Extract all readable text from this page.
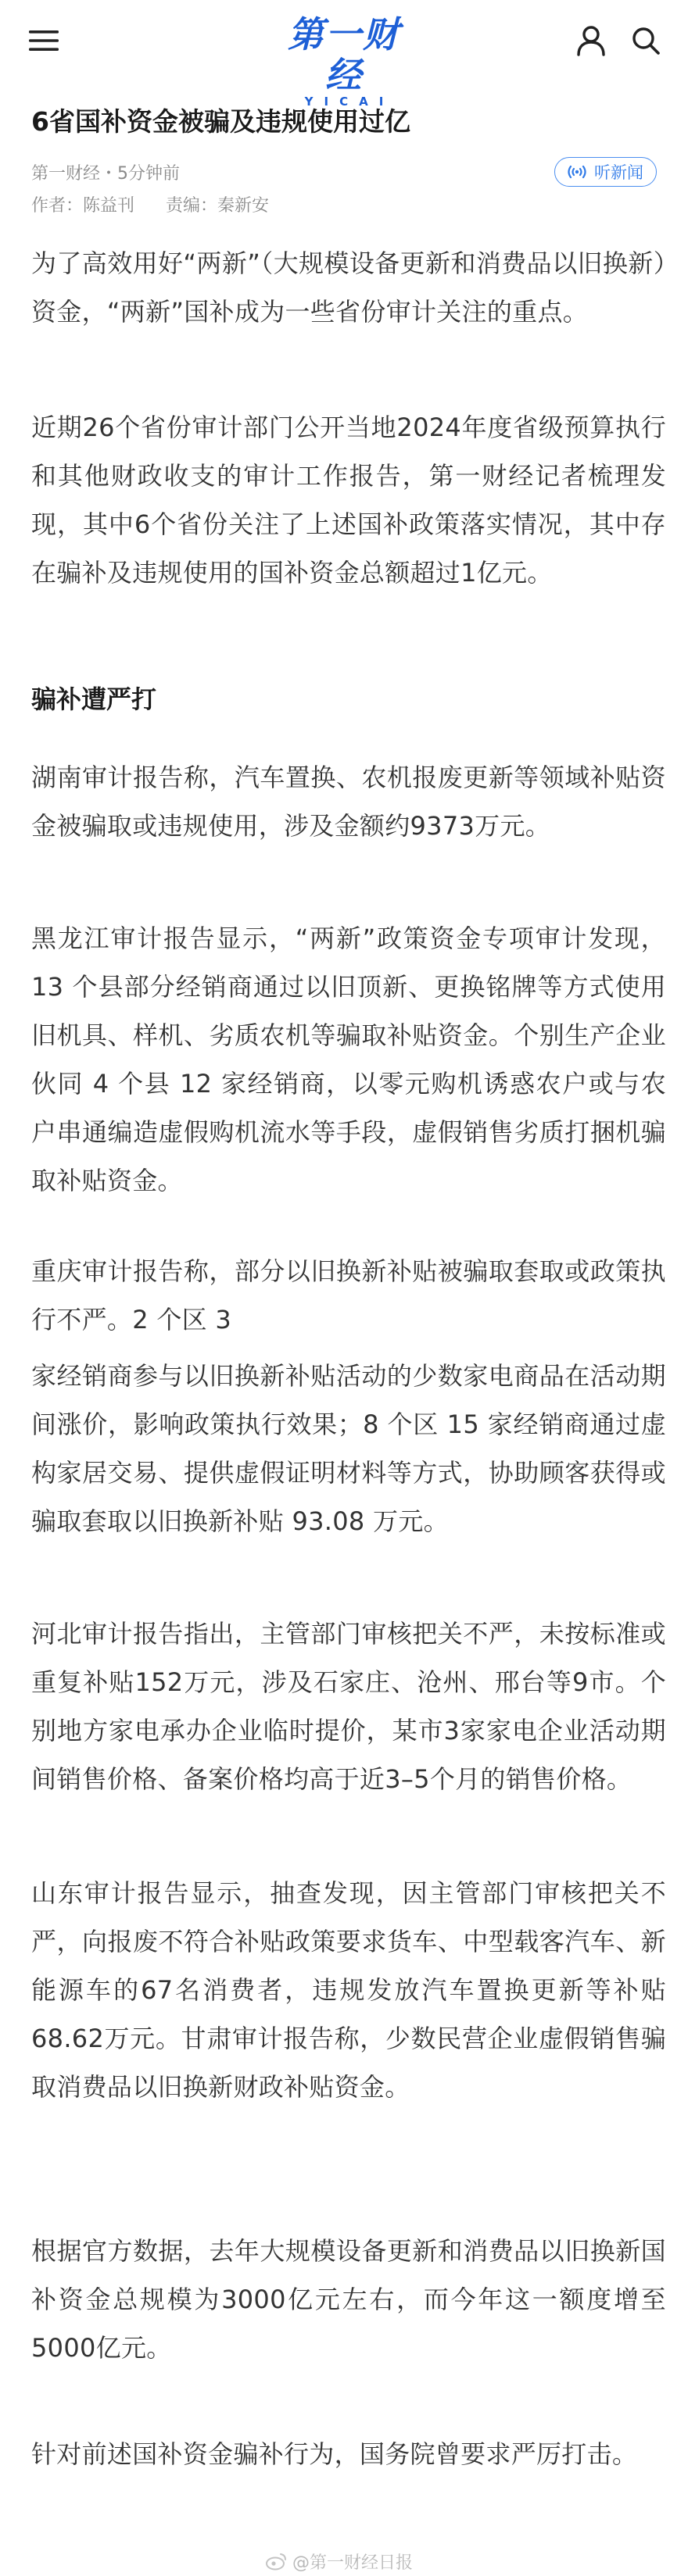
第一财经
YICAI
6省国补资金被骗及违规使用过亿
第一财经・5分钟前	听新闻
作者：陈益刊 责编：秦新安

为了高效用好“两新”（大规模设备更新和消费品以旧换新）资金，“两新”国补成为一些省份审计关注的重点。

近期26个省份审计部门公开当地2024年度省级预算执行和其他财政收支的审计工作报告，第一财经记者梳理发现，其中6个省份关注了上述国补政策落实情况，其中存在骗补及违规使用的国补资金总额超过1亿元。

骗补遭严打

湖南审计报告称，汽车置换、农机报废更新等领域补贴资金被骗取或违规使用，涉及金额约9373万元。

黑龙江审计报告显示，“两新”政策资金专项审计发现，13 个县部分经销商通过以旧顶新、更换铭牌等方式使用旧机具、样机、劣质农机等骗取补贴资金。个别生产企业伙同 4 个县 12 家经销商，以零元购机诱惑农户或与农户串通编造虚假购机流水等手段，虚假销售劣质打捆机骗取补贴资金。

重庆审计报告称，部分以旧换新补贴被骗取套取或政策执行不严。2 个区 3

家经销商参与以旧换新补贴活动的少数家电商品在活动期间涨价，影响政策执行效果；8 个区 15 家经销商通过虚构家居交易、提供虚假证明材料等方式，协助顾客获得或骗取套取以旧换新补贴 93.08 万元。

河北审计报告指出，主管部门审核把关不严，未按标准或重复补贴152万元，涉及石家庄、沧州、邢台等9市。个别地方家电承办企业临时提价，某市3家家电企业活动期间销售价格、备案价格均高于近3–5个月的销售价格。

山东审计报告显示，抽查发现，因主管部门审核把关不严，向报废不符合补贴政策要求货车、中型载客汽车、新能源车的67名消费者，违规发放汽车置换更新等补贴68.62万元。甘肃审计报告称，少数民营企业虚假销售骗取消费品以旧换新财政补贴资金。

根据官方数据，去年大规模设备更新和消费品以旧换新国补资金总规模为3000亿元左右，而今年这一额度增至5000亿元。

针对前述国补资金骗补行为，国务院曾要求严厉打击。

@第一财经日报
